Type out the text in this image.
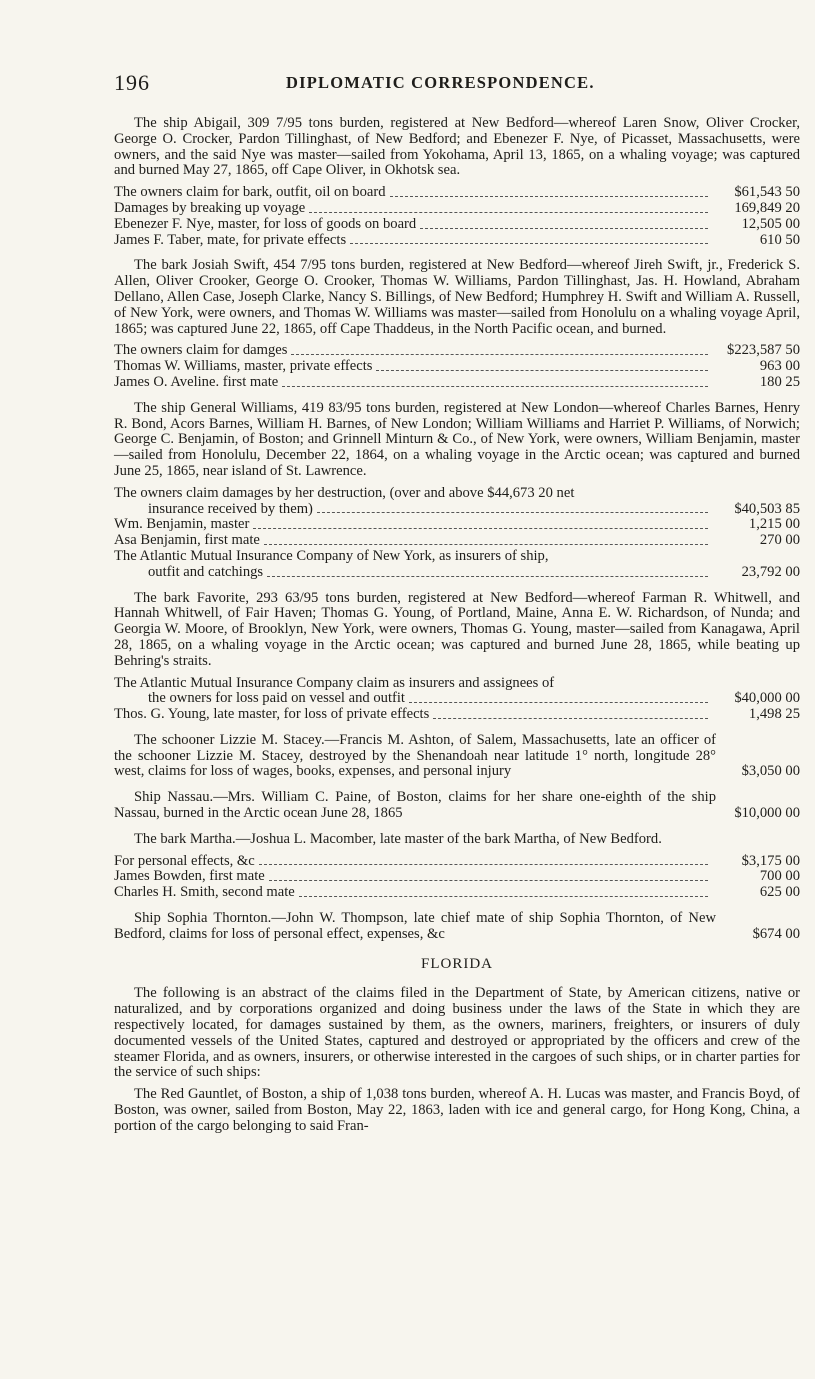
196	DIPLOMATIC CORRESPONDENCE.

The ship Abigail, 309 7/95 tons burden, registered at New Bedford—whereof Laren Snow, Oliver Crocker, George O. Crocker, Pardon Tillinghast, of New Bedford; and Ebenezer F. Nye, of Picasset, Massachusetts, were owners, and the said Nye was master—sailed from Yokohama, April 13, 1865, on a whaling voyage; was captured and burned May 27, 1865, off Cape Oliver, in Okhotsk sea.

The owners claim for bark, outfit, oil on board	$61,543 50
Damages by breaking up voyage	169,849 20
Ebenezer F. Nye, master, for loss of goods on board	12,505 00
James F. Taber, mate, for private effects	610 50

The bark Josiah Swift, 454 7/95 tons burden, registered at New Bedford—whereof Jireh Swift, jr., Frederick S. Allen, Oliver Crooker, George O. Crooker, Thomas W. Williams, Pardon Tillinghast, Jas. H. Howland, Abraham Dellano, Allen Case, Joseph Clarke, Nancy S. Billings, of New Bedford; Humphrey H. Swift and William A. Russell, of New York, were owners, and Thomas W. Williams was master—sailed from Honolulu on a whaling voyage April, 1865; was captured June 22, 1865, off Cape Thaddeus, in the North Pacific ocean, and burned.

The owners claim for damges	$223,587 50
Thomas W. Williams, master, private effects	963 00
James O. Aveline. first mate	180 25

The ship General Williams, 419 83/95 tons burden, registered at New London—whereof Charles Barnes, Henry R. Bond, Acors Barnes, William H. Barnes, of New London; William Williams and Harriet P. Williams, of Norwich; George C. Benjamin, of Boston; and Grinnell Minturn & Co., of New York, were owners, William Benjamin, master—sailed from Honolulu, December 22, 1864, on a whaling voyage in the Arctic ocean; was captured and burned June 25, 1865, near island of St. Lawrence.

The owners claim damages by her destruction, (over and above $44,673 20 net
insurance received by them)	$40,503 85
Wm. Benjamin, master	1,215 00
Asa Benjamin, first mate	270 00
The Atlantic Mutual Insurance Company of New York, as insurers of ship,
outfit and catchings	23,792 00

The bark Favorite, 293 63/95 tons burden, registered at New Bedford—whereof Farman R. Whitwell, and Hannah Whitwell, of Fair Haven; Thomas G. Young, of Portland, Maine, Anna E. W. Richardson, of Nunda; and Georgia W. Moore, of Brooklyn, New York, were owners, Thomas G. Young, master—sailed from Kanagawa, April 28, 1865, on a whaling voyage in the Arctic ocean; was captured and burned June 28, 1865, while beating up Behring's straits.

The Atlantic Mutual Insurance Company claim as insurers and assignees of
the owners for loss paid on vessel and outfit	$40,000 00
Thos. G. Young, late master, for loss of private effects	1,498 25

The schooner Lizzie M. Stacey.—Francis M. Ashton, of Salem, Massachusetts, late an officer of the schooner Lizzie M. Stacey, destroyed by the Shenandoah near latitude 1° north, longitude 28° west, claims for loss of wages, books, expenses, and personal injury	$3,050 00

Ship Nassau.—Mrs. William C. Paine, of Boston, claims for her share one-eighth of the ship Nassau, burned in the Arctic ocean June 28, 1865	$10,000 00

The bark Martha.—Joshua L. Macomber, late master of the bark Martha, of New Bedford.

For personal effects, &c	$3,175 00
James Bowden, first mate	700 00
Charles H. Smith, second mate	625 00

Ship Sophia Thornton.—John W. Thompson, late chief mate of ship Sophia Thornton, of New Bedford, claims for loss of personal effect, expenses, &c	$674 00
FLORIDA

The following is an abstract of the claims filed in the Department of State, by American citizens, native or naturalized, and by corporations organized and doing business under the laws of the State in which they are respectively located, for damages sustained by them, as the owners, mariners, freighters, or insurers of duly documented vessels of the United States, captured and destroyed or appropriated by the officers and crew of the steamer Florida, and as owners, insurers, or otherwise interested in the cargoes of such ships, or in charter parties for the service of such ships:

The Red Gauntlet, of Boston, a ship of 1,038 tons burden, whereof A. H. Lucas was master, and Francis Boyd, of Boston, was owner, sailed from Boston, May 22, 1863, laden with ice and general cargo, for Hong Kong, China, a portion of the cargo belonging to said Fran-
